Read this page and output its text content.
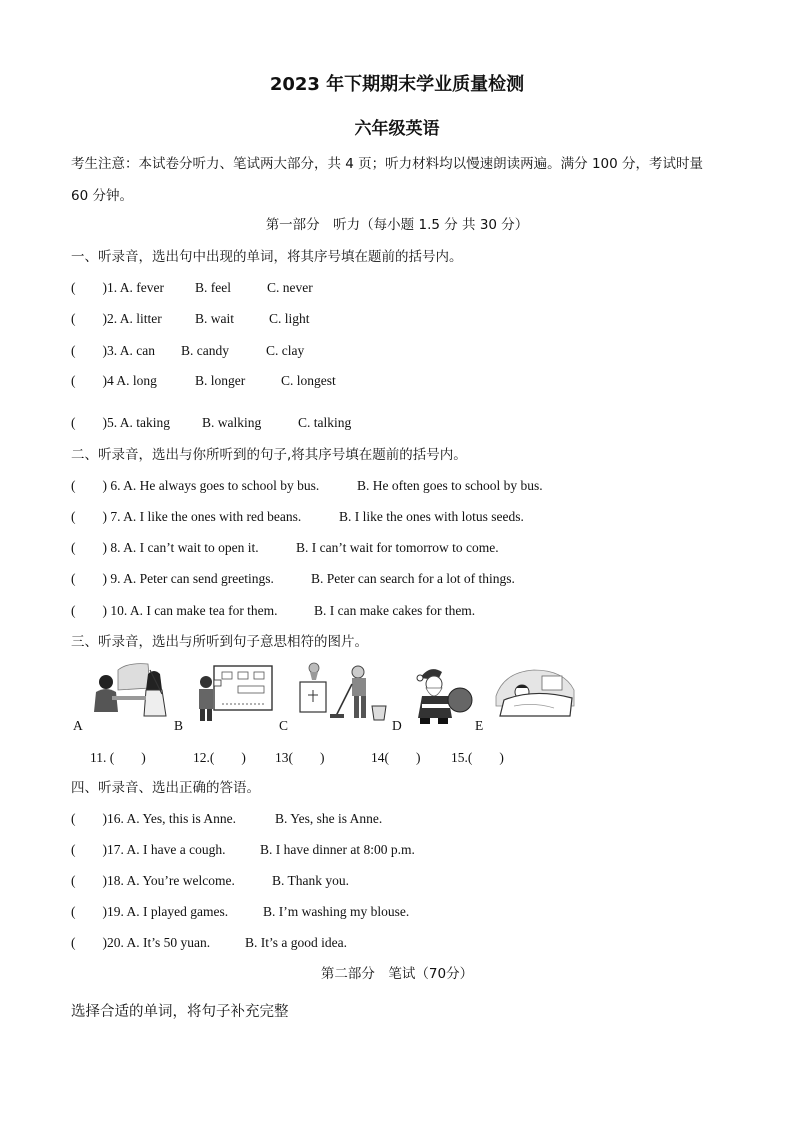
2023 年下期期末学业质量检测
六年级英语
考生注意：本试卷分听力、笔试两大部分，共 4 页；听力材料均以慢速朗读两遍。满分 100 分，考试时量
60 分钟。
第一部分　听力（每小题 1.5 分 共 30 分）
一、听录音，选出句中出现的单词，将其序号填在题前的括号内。
(　　)1. A. fever B. feel	C. never
(　　)2. A. litter B. wait	C. light
(　　)3. A. can B. candy	C. clay
(　　)4 A. long	B. longer	C. longest
(　　)5. A. taking B. walking	C. talking
二、听录音，选出与你所听到的句子,将其序号填在题前的括号内。
(　　) 6. A. He always goes to school by bus.	B. He often goes to school by bus.
(　　) 7. A. I like the ones with red beans.	B. I like the ones with lotus seeds.
(　　) 8. A. I can’t wait to open it.	B. I can’t wait for tomorrow to come.
(　　) 9. A. Peter can send greetings.	B. Peter can search for a lot of things.
(　　) 10. A. I can make tea for them.	B. I can make cakes for them.
三、听录音，选出与所听到句子意思相符的图片。
A	B	C	D	E
11. (　　)	12.(　　) 13(　　)	14(　　) 15.(　　)
四、听录音、选出正确的答语。
(　　)16. A. Yes, this is Anne.	B. Yes, she is Anne.
(　　)17. A. I have a cough.	B. I have dinner at 8:00 p.m.
(　　)18. A. You’re welcome.	B. Thank you.
(　　)19. A. I played games.	B. I’m washing my blouse.
(　　)20. A. It’s 50 yuan.	B. It’s a good idea.
第二部分　笔试（70分）
选择合适的单词，将句子补充完整
